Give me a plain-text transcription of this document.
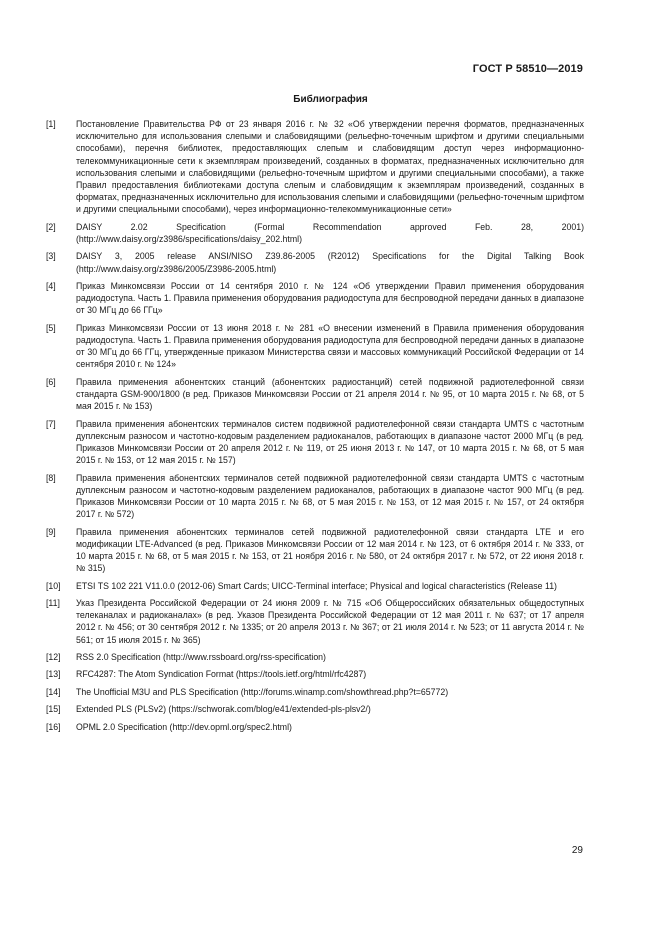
ГОСТ Р 58510—2019
Библиография
[1]	Постановление Правительства РФ от 23 января 2016 г. № 32 «Об утверждении перечня форматов, предназначенных исключительно для использования слепыми и слабовидящими (рельефно-точечным шрифтом и другими специальными способами), перечня библиотек, предоставляющих слепым и слабовидящим доступ через информационно-телекоммуникационные сети к экземплярам произведений, созданных в форматах, предназначенных исключительно для использования слепыми и слабовидящими (рельефно-точечным шрифтом и другими специальными способами), а также Правил предоставления библиотеками доступа слепым и слабовидящим к экземплярам произведений, созданных в форматах, предназначенных исключительно для использования слепыми и слабовидящими (рельефно-точечным шрифтом и другими специальными способами), через информационно-телекоммуникационные сети»
[2]	DAISY 2.02 Specification (Formal Recommendation approved Feb. 28, 2001) (http://www.daisy.org/z3986/specifications/daisy_202.html)
[3]	DAISY 3, 2005 release ANSI/NISO Z39.86-2005 (R2012) Specifications for the Digital Talking Book (http://www.daisy.org/z3986/2005/Z3986-2005.html)
[4]	Приказ Минкомсвязи России от 14 сентября 2010 г. № 124 «Об утверждении Правил применения оборудования радиодоступа. Часть 1. Правила применения оборудования радиодоступа для беспроводной передачи данных в диапазоне от 30 МГц до 66 ГГц»
[5]	Приказ Минкомсвязи России от 13 июня 2018 г. № 281 «О внесении изменений в Правила применения оборудования радиодоступа. Часть 1. Правила применения оборудования радиодоступа для беспроводной передачи данных в диапазоне от 30 МГц до 66 ГГц, утвержденные приказом Министерства связи и массовых коммуникаций Российской Федерации от 14 сентября 2010 г. № 124»
[6]	Правила применения абонентских станций (абонентских радиостанций) сетей подвижной радиотелефонной связи стандарта GSM-900/1800 (в ред. Приказов Минкомсвязи России от 21 апреля 2014 г. № 95, от 10 марта 2015 г. № 68, от 5 мая 2015 г. № 153)
[7]	Правила применения абонентских терминалов систем подвижной радиотелефонной связи стандарта UMTS с частотным дуплексным разносом и частотно-кодовым разделением радиоканалов, работающих в диапазоне частот 2000 МГц (в ред. Приказов Минкомсвязи России от 20 апреля 2012 г. № 119, от 25 июня 2013 г. № 147, от 10 марта 2015 г. № 68, от 5 мая 2015 г. № 153, от 12 мая 2015 г. № 157)
[8]	Правила применения абонентских терминалов сетей подвижной радиотелефонной связи стандарта UMTS с частотным дуплексным разносом и частотно-кодовым разделением радиоканалов, работающих в диапазоне частот 900 МГц (в ред. Приказов Минкомсвязи России от 10 марта 2015 г. № 68, от 5 мая 2015 г. № 153, от 12 мая 2015 г. № 157, от 24 октября 2017 г. № 572)
[9]	Правила применения абонентских терминалов сетей подвижной радиотелефонной связи стандарта LTE и его модификации LTE-Advanced (в ред. Приказов Минкомсвязи России от 12 мая 2014 г. № 123, от 6 октября 2014 г. № 333, от 10 марта 2015 г. № 68, от 5 мая 2015 г. № 153, от 21 ноября 2016 г. № 580, от 24 октября 2017 г. № 572, от 22 июня 2018 г. № 315)
[10]	ETSI TS 102 221 V11.0.0 (2012-06) Smart Cards; UICC-Terminal interface; Physical and logical characteristics (Release 11)
[11]	Указ Президента Российской Федерации от 24 июня 2009 г. № 715 «Об Общероссийских обязательных общедоступных телеканалах и радиоканалах» (в ред. Указов Президента Российской Федерации от 12 мая 2011 г. № 637; от 17 апреля 2012 г. № 456; от 30 сентября 2012 г. № 1335; от 20 апреля 2013 г. № 367; от 21 июля 2014 г. № 523; от 11 августа 2014 г. № 561; от 15 июля 2015 г. № 365)
[12]	RSS 2.0 Specification (http://www.rssboard.org/rss-specification)
[13]	RFC4287: The Atom Syndication Format (https://tools.ietf.org/html/rfc4287)
[14]	The Unofficial M3U and PLS Specification (http://forums.winamp.com/showthread.php?t=65772)
[15]	Extended PLS (PLSv2) (https://schworak.com/blog/e41/extended-pls-plsv2/)
[16]	OPML 2.0 Specification (http://dev.opml.org/spec2.html)
29
